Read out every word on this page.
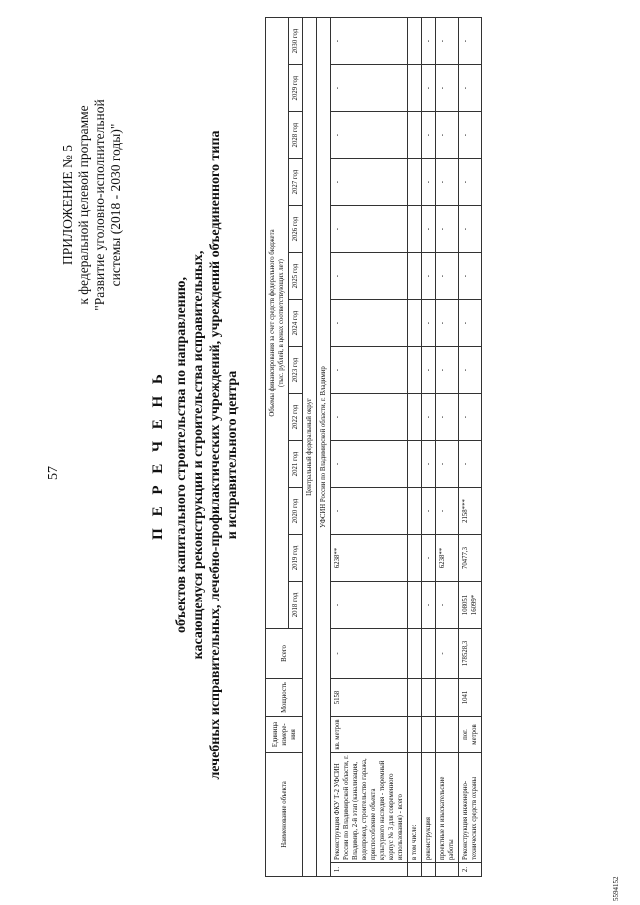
57
ПРИЛОЖЕНИЕ № 5 к федеральной целевой программе "Развитие уголовно-исполнительной системы (2018 - 2030 годы)"
П Е Р Е Ч Е Н Ь объектов капитального строительства по направлению, касающемуся реконструкции и строительства исправительных, лечебных исправительных, лечебно-профилактических учреждений, учреждений объединенного типа и исправительного центра
Наименование объекта		Единица измере-ния	Мощность	Всего	Объемы финансирования за счет средств федерального бюджета (тыс. рублей, в ценах соответствующих лет)												

					2018 год	2019 год	2020 год	2021 год	2022 год	2023 год	2024 год	2025 год	2026 год	2027 год	2028 год	2029 год	2030 год
Центральный федеральный округ																	
УФСИН России по Владимирской области, г. Владимир																	
1.	Реконструкция ФКУ Т-2 УФСИН России по Владимирской области, г. Владимир, 2-й этап (канализация, водопровод, строительство гаража, приспособление объекта культурного наследия - тюремный корпус № 3 для современного использования) - всего	кв. метров	5158	-	-	6238**	-	-	-	-	-	-	-	-	-	-	-
	в том числе:																
	реконструкция				-	-	-	-	-	-	-	-	-	-	-	-	-
	проектные и изыскательские работы			-	-	6238**	-	-	-	-	-	-	-	-	-	-	-
2.	Реконструкция инженерно-технических средств охраны	пог. метров	1041	178528,3	108051 16099*	70477,3	2158***	-	-	-	-	-	-	-	-	-	-
5594152
